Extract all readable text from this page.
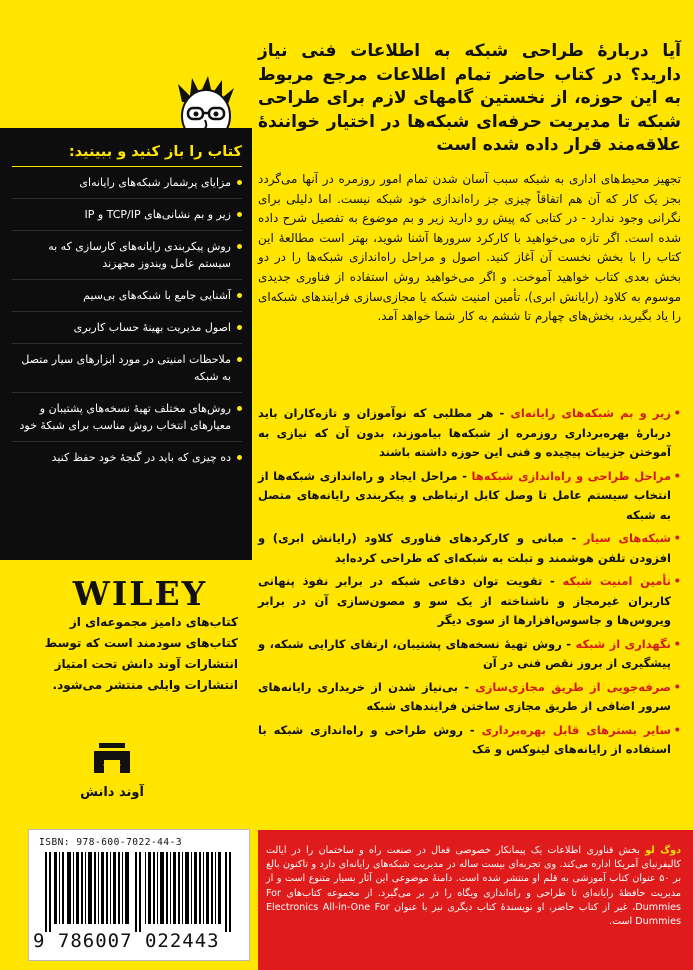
کتاب را باز کنید و ببینید:
مزایای پرشمار شبکه‌های رایانه‌ای
زیر و بم نشانی‌های TCP/IP و IP
روش پیکربندی رایانه‌های کارسازی که به سیستم عامل ویندوز مجهزند
آشنایی جامع با شبکه‌های بی‌سیم
اصول مدیریت بهینهٔ حساب کاربری
ملاحظات امنیتی در مورد ابزارهای سیار متصل به شبکه
روش‌های مختلف تهیهٔ نسخه‌های پشتیبان و معیارهای انتخاب روش مناسب برای شبکهٔ خود
ده چیزی که باید در گنجهٔ خود حفظ کنید
WILEY
کتاب‌های دامیز مجموعه‌ای از کتاب‌های سودمند است که توسط انتشارات آوند دانش تحت امتیاز انتشارات وایلی منتشر می‌شود.
آوند دانش
ISBN: 978-600-7022-44-3
9 786007 022443
آیا دربارهٔ طراحی شبکه به اطلاعات فنی نیاز دارید؟ در کتاب حاضر تمام اطلاعات مرجع مربوط به این حوزه، از نخستین گامهای لازم برای طراحی شبکه تا مدیریت حرفه‌ای شبکه‌ها در اختیار خوانندهٔ علاقه‌مند قرار داده شده است
تجهیز محیط‌های اداری به شبکه سبب آسان شدن تمام امور روزمره در آنها می‌گردد بجز یک کار که آن هم اتفاقاً چیزی جز راه‌اندازی خود شبکه نیست. اما دلیلی برای نگرانی وجود ندارد - در کتابی که پیش رو دارید زیر و بم موضوع به تفصیل شرح داده شده است. اگر تازه می‌خواهید با کارکرد سرورها آشنا شوید، بهتر است مطالعهٔ این کتاب را با بخش نخست آن آغاز کنید. اصول و مراحل راه‌اندازی شبکه‌ها را در دو بخش بعدی کتاب خواهید آموخت. و اگر می‌خواهید روش استفاده از فناوری جدیدی موسوم به کلاود (رایانش ابری)، تأمین امنیت شبکه یا مجازی‌سازی فرایندهای شبکه‌ای را یاد بگیرید، بخش‌های چهارم تا ششم به کار شما خواهد آمد.
• زیر و بم شبکه‌های رایانه‌ای - هر مطلبی که نوآموزان و تازه‌کاران باید دربارهٔ بهره‌برداری روزمره از شبکه‌ها بیاموزند، بدون آن که نیازی به آموختن جزییات پیچیده و فنی این حوزه داشته باشند
• مراحل طراحی و راه‌اندازی شبکه‌ها - مراحل ایجاد و راه‌اندازی شبکه‌ها از انتخاب سیستم عامل تا وصل کابل ارتباطی و پیکربندی رایانه‌های متصل به شبکه
• شبکه‌های سیار - مبانی و کارکردهای فناوری کلاود (رایانش ابری) و افزودن تلفن هوشمند و تبلت به شبکه‌ای که طراحی کرده‌اید
• تأمین امنیت شبکه - تقویت توان دفاعی شبکه در برابر نفوذ پنهانی کاربران غیرمجاز و ناشناخته از یک سو و مصون‌سازی آن در برابر ویروس‌ها و جاسوس‌افزارها از سوی دیگر
• نگهداری از شبکه - روش تهیهٔ نسخه‌های پشتیبان، ارتقای کارایی شبکه، و پیشگیری از بروز نقص فنی در آن
• صرفه‌جویی از طریق مجازی‌سازی - بی‌نیاز شدن از خریداری رایانه‌های سرور اضافی از طریق مجازی ساختن فرایندهای شبکه
• سایر بسترهای قابل بهره‌برداری - روش طراحی و راه‌اندازی شبکه با استفاده از رایانه‌های لینوکس و مَک
دوگ لو بخش فناوری اطلاعات یک پیمانکار خصوصی فعال در صنعت راه و ساختمان را در ایالت کالیفرنیای آمریکا اداره می‌کند. وی تجربه‌ای بیست ساله در مدیریت شبکه‌های رایانه‌ای دارد و تاکنون بالغ بر ۵۰ عنوان کتاب آموزشی به قلم او منتشر شده است. دامنهٔ موضوعی این آثار بسیار متنوع است و از مدیریت حافظهٔ رایانه‌ای تا طراحی و راه‌اندازی ویگاه را در بر می‌گیرد. از مجموعه کتاب‌های For Dummies، غیر از کتاب حاضر، او نویسندهٔ کتاب دیگری نیز با عنوان Electronics All-in-One For Dummies است.
